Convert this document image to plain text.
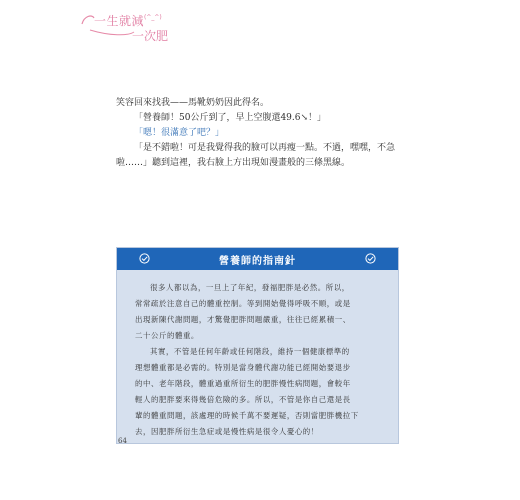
一生就減 (^_^)
一次肥
笑容回來找我——馬靴奶奶因此得名。
「營養師！50公斤到了，早上空腹還49.6↘！」
「嗯！很滿意了吧？」
「是不錯啦！可是我覺得我的臉可以再瘦一點。不過，嘿嘿，不急
啦……」聽到這裡，我右臉上方出現如漫畫般的三條黑線。
營養師的指南針
很多人都以為，一旦上了年紀，發福肥胖是必然。所以，
常常疏於注意自己的體重控制。等到開始覺得呼吸不順，或是
出現新陳代謝問題，才驚覺肥胖問題嚴重，往往已經累積一、
二十公斤的體重。
其實，不管是任何年齡或任何階段，維持一個健康標準的
理想體重都是必需的。特別是當身體代謝功能已經開始要退步
的中、老年階段，體重過重所衍生的肥胖慢性病問題，會較年
輕人的肥胖要來得幾倍危險的多。所以，不管是你自己還是長
輩的體重問題，該處理的時候千萬不要遲疑，否則當肥胖機拉下
去，因肥胖所衍生急症或是慢性病是很令人憂心的！
64
